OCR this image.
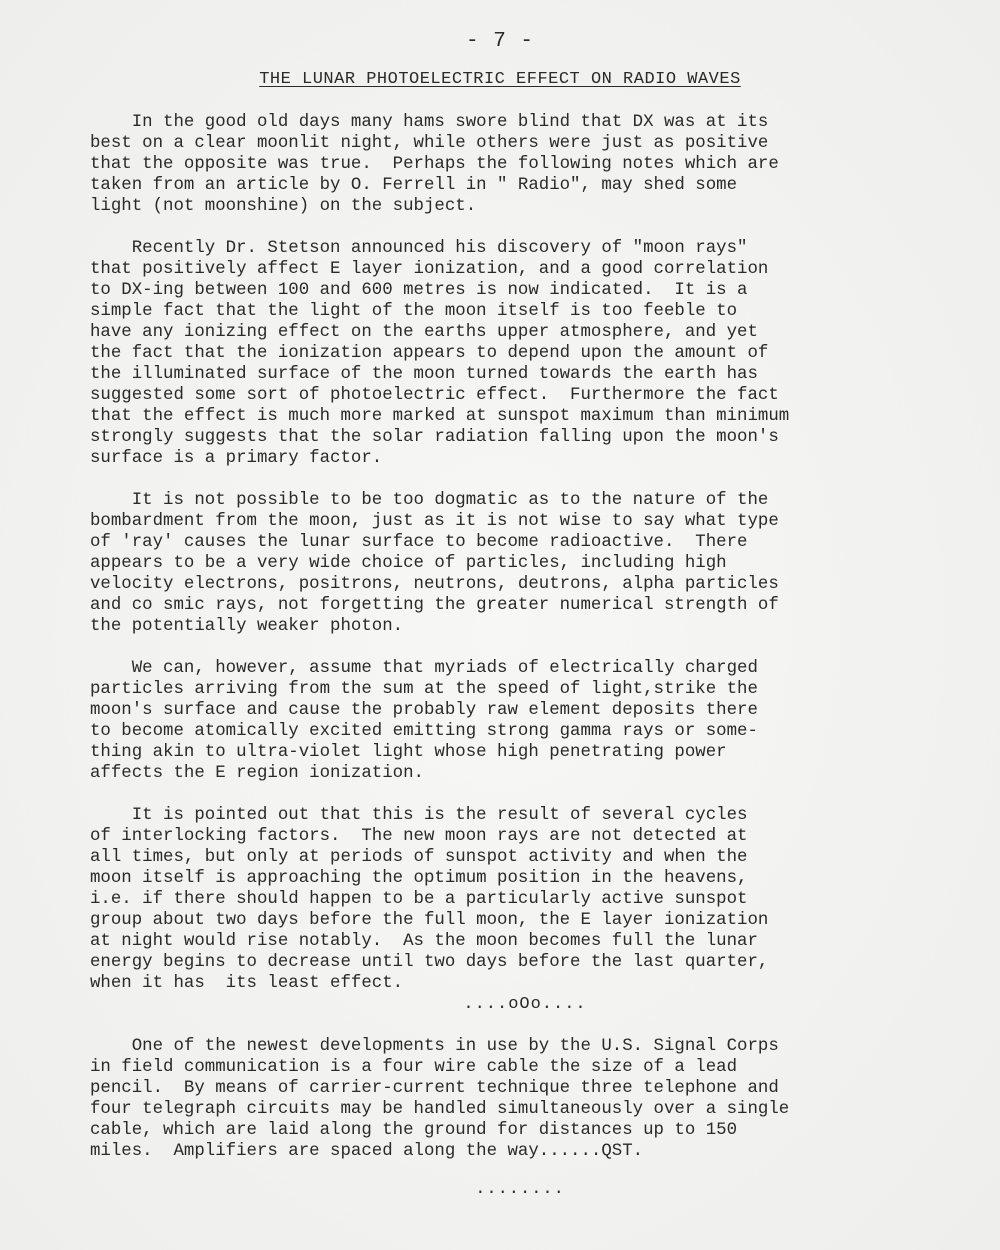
- 7 -
THE LUNAR PHOTOELECTRIC EFFECT ON RADIO WAVES
In the good old days many hams swore blind that DX was at its
best on a clear moonlit night, while others were just as positive
that the opposite was true.  Perhaps the following notes which are
taken from an article by O. Ferrell in " Radio", may shed some
light (not moonshine) on the subject.
Recently Dr. Stetson announced his discovery of "moon rays"
that positively affect E layer ionization, and a good correlation
to DX-ing between 100 and 600 metres is now indicated.  It is a
simple fact that the light of the moon itself is too feeble to
have any ionizing effect on the earths upper atmosphere, and yet
the fact that the ionization appears to depend upon the amount of
the illuminated surface of the moon turned towards the earth has
suggested some sort of photoelectric effect.  Furthermore the fact
that the effect is much more marked at sunspot maximum than minimum
strongly suggests that the solar radiation falling upon the moon's
surface is a primary factor.
It is not possible to be too dogmatic as to the nature of the
bombardment from the moon, just as it is not wise to say what type
of 'ray' causes the lunar surface to become radioactive.  There
appears to be a very wide choice of particles, including high
velocity electrons, positrons, neutrons, deutrons, alpha particles
and co smic rays, not forgetting the greater numerical strength of
the potentially weaker photon.
We can, however, assume that myriads of electrically charged
particles arriving from the sum at the speed of light,strike the
moon's surface and cause the probably raw element deposits there
to become atomically excited emitting strong gamma rays or some-
thing akin to ultra-violet light whose high penetrating power
affects the E region ionization.
It is pointed out that this is the result of several cycles
of interlocking factors.  The new moon rays are not detected at
all times, but only at periods of sunspot activity and when the
moon itself is approaching the optimum position in the heavens,
i.e. if there should happen to be a particularly active sunspot
group about two days before the full moon, the E layer ionization
at night would rise notably.  As the moon becomes full the lunar
energy begins to decrease until two days before the last quarter,
when it has  its least effect.
....oOo....
One of the newest developments in use by the U.S. Signal Corps
in field communication is a four wire cable the size of a lead
pencil.  By means of carrier-current technique three telephone and
four telegraph circuits may be handled simultaneously over a single
cable, which are laid along the ground for distances up to 150
miles.  Amplifiers are spaced along the way......QST.
........
